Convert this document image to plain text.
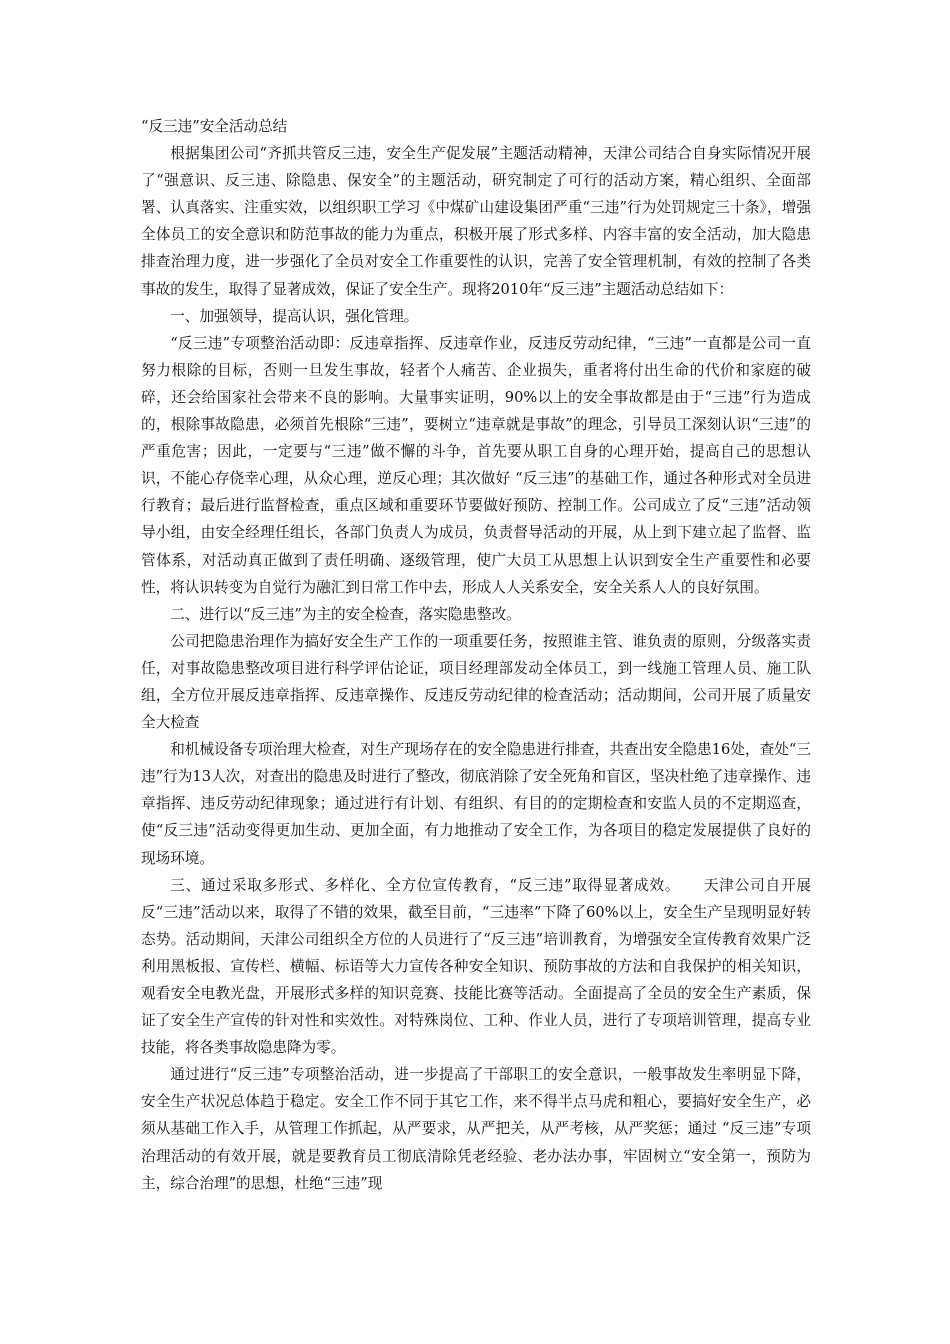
“反三违”安全活动总结

根据集团公司“齐抓共管反三违，安全生产促发展”主题活动精神，天津公司结合自身实际情况开展了“强意识、反三违、除隐患、保安全”的主题活动，研究制定了可行的活动方案，精心组织、全面部署、认真落实、注重实效，以组织职工学习《中煤矿山建设集团严重“三违”行为处罚规定三十条》，增强全体员工的安全意识和防范事故的能力为重点，积极开展了形式多样、内容丰富的安全活动，加大隐患排查治理力度，进一步强化了全员对安全工作重要性的认识，完善了安全管理机制，有效的控制了各类事故的发生，取得了显著成效，保证了安全生产。现将2010年“反三违”主题活动总结如下：

一、加强领导，提高认识，强化管理。

“反三违”专项整治活动即：反违章指挥、反违章作业，反违反劳动纪律，“三违”一直都是公司一直努力根除的目标，否则一旦发生事故，轻者个人痛苦、企业损失，重者将付出生命的代价和家庭的破碎，还会给国家社会带来不良的影响。大量事实证明，90%以上的安全事故都是由于“三违”行为造成的，根除事故隐患，必须首先根除“三违”，要树立“违章就是事故”的理念，引导员工深刻认识“三违”的严重危害；因此，一定要与“三违”做不懈的斗争，首先要从职工自身的心理开始，提高自己的思想认识，不能心存侥幸心理，从众心理，逆反心理；其次做好 “反三违”的基础工作，通过各种形式对全员进行教育；最后进行监督检查，重点区域和重要环节要做好预防、控制工作。公司成立了反“三违”活动领导小组，由安全经理任组长，各部门负责人为成员，负责督导活动的开展，从上到下建立起了监督、监管体系，对活动真正做到了责任明确、逐级管理，使广大员工从思想上认识到安全生产重要性和必要性，将认识转变为自觉行为融汇到日常工作中去，形成人人关系安全，安全关系人人的良好氛围。

二、进行以“反三违”为主的安全检查，落实隐患整改。

公司把隐患治理作为搞好安全生产工作的一项重要任务，按照谁主管、谁负责的原则，分级落实责任，对事故隐患整改项目进行科学评估论证，项目经理部发动全体员工，到一线施工管理人员、施工队组，全方位开展反违章指挥、反违章操作、反违反劳动纪律的检查活动；活动期间，公司开展了质量安全大检查

和机械设备专项治理大检查，对生产现场存在的安全隐患进行排查，共查出安全隐患16处，查处“三违”行为13人次，对查出的隐患及时进行了整改，彻底消除了安全死角和盲区，坚决杜绝了违章操作、违章指挥、违反劳动纪律现象；通过进行有计划、有组织、有目的的定期检查和安监人员的不定期巡查，使“反三违”活动变得更加生动、更加全面，有力地推动了安全工作，为各项目的稳定发展提供了良好的现场环境。

三、通过采取多形式、多样化、全方位宣传教育，“反三违”取得显著成效。　　天津公司自开展反“三违”活动以来，取得了不错的效果，截至目前，“三违率”下降了60%以上，安全生产呈现明显好转态势。活动期间，天津公司组织全方位的人员进行了“反三违”培训教育，为增强安全宣传教育效果广泛利用黑板报、宣传栏、横幅、标语等大力宣传各种安全知识、预防事故的方法和自我保护的相关知识，观看安全电教光盘，开展形式多样的知识竞赛、技能比赛等活动。全面提高了全员的安全生产素质，保证了安全生产宣传的针对性和实效性。对特殊岗位、工种、作业人员，进行了专项培训管理，提高专业技能，将各类事故隐患降为零。

通过进行“反三违”专项整治活动，进一步提高了干部职工的安全意识，一般事故发生率明显下降，安全生产状况总体趋于稳定。安全工作不同于其它工作，来不得半点马虎和粗心，要搞好安全生产，必须从基础工作入手，从管理工作抓起，从严要求，从严把关，从严考核，从严奖惩；通过 “反三违”专项治理活动的有效开展，就是要教育员工彻底清除凭老经验、老办法办事，牢固树立“安全第一，预防为主，综合治理”的思想，杜绝“三违”现
